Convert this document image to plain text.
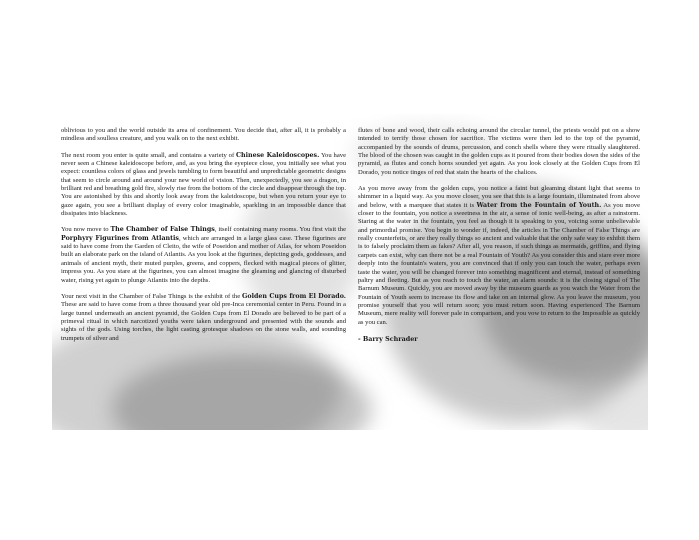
oblivious to you and the world outside its area of confinement. You decide that, after all, it is probably a mindless and soulless creature, and you walk on to the next exhibit.

The next room you enter is quite small, and contains a variety of Chinese Kaleidoscopes. You have never seen a Chinese kaleidoscope before, and, as you bring the eyepiece close, you initially see what you expect: countless colors of glass and jewels tumbling to form beautiful and unpredictable geometric designs that seem to circle around and around your new world of vision. Then, unexpectedly, you see a dragon, in brilliant red and breathing gold fire, slowly rise from the bottom of the circle and disappear through the top. You are astonished by this and shortly look away from the kaleidoscope, but when you return your eye to gaze again, you see a brilliant display of every color imaginable, sparkling in an impossible dance that dissipates into blackness.

You now move to The Chamber of False Things, itself containing many rooms. You first visit the Porphyry Figurines from Atlantis, which are arranged in a large glass case. These figurines are said to have come from the Garden of Cleito, the wife of Poseidon and mother of Atlas, for whom Poseidon built an elaborate park on the island of Atlantis. As you look at the figurines, depicting gods, goddesses, and animals of ancient myth, their muted purples, greens, and coppers, flecked with magical pieces of glitter, impress you. As you stare at the figurines, you can almost imagine the gleaming and glancing of disturbed water, rising yet again to plunge Atlantis into the depths.

Your next visit in the Chamber of False Things is the exhibit of the Golden Cups from El Dorado. These are said to have come from a three thousand year old pre-Inca ceremonial center in Peru. Found in a large tunnel underneath an ancient pyramid, the Golden Cups from El Dorado are believed to be part of a primeval ritual in which narcotized youths were taken underground and presented with the sounds and sights of the gods. Using torches, the light casting grotesque shadows on the stone walls, and sounding trumpets of silver and

flutes of bone and wood, their calls echoing around the circular tunnel, the priests would put on a show intended to terrify those chosen for sacrifice. The victims were then led to the top of the pyramid, accompanied by the sounds of drums, percussion, and conch shells where they were ritually slaughtered. The blood of the chosen was caught in the golden cups as it poured from their bodies down the sides of the pyramid, as flutes and conch horns sounded yet again. As you look closely at the Golden Cups from El Dorado, you notice tinges of red that stain the hearts of the chalices.

As you move away from the golden cups, you notice a faint but gleaming distant light that seems to shimmer in a liquid way. As you move closer, you see that this is a large fountain, illuminated from above and below, with a marquee that states it is Water from the Fountain of Youth. As you move closer to the fountain, you notice a sweetness in the air, a sense of ionic well-being, as after a rainstorm. Staring at the water in the fountain, you feel as though it is speaking to you, voicing some unbelievable and primordial promise. You begin to wonder if, indeed, the articles in The Chamber of False Things are really counterfeits, or are they really things so ancient and valuable that the only safe way to exhibit them is to falsely proclaim them as fakes? After all, you reason, if such things as mermaids, griffins, and flying carpets can exist, why can there not be a real Fountain of Youth? As you consider this and stare ever more deeply into the fountain's waters, you are convinced that if only you can touch the water, perhaps even taste the water, you will be changed forever into something magnificent and eternal, instead of something paltry and fleeting. But as you reach to touch the water, an alarm sounds: it is the closing signal of The Barnum Museum. Quickly, you are moved away by the museum guards as you watch the Water from the Fountain of Youth seem to increase its flow and take on an internal glow. As you leave the museum, you promise yourself that you will return soon; you must return soon. Having experienced The Barnum Museum, mere reality will forever pale in comparison, and you vow to return to the Impossible as quickly as you can.

- Barry Schrader
